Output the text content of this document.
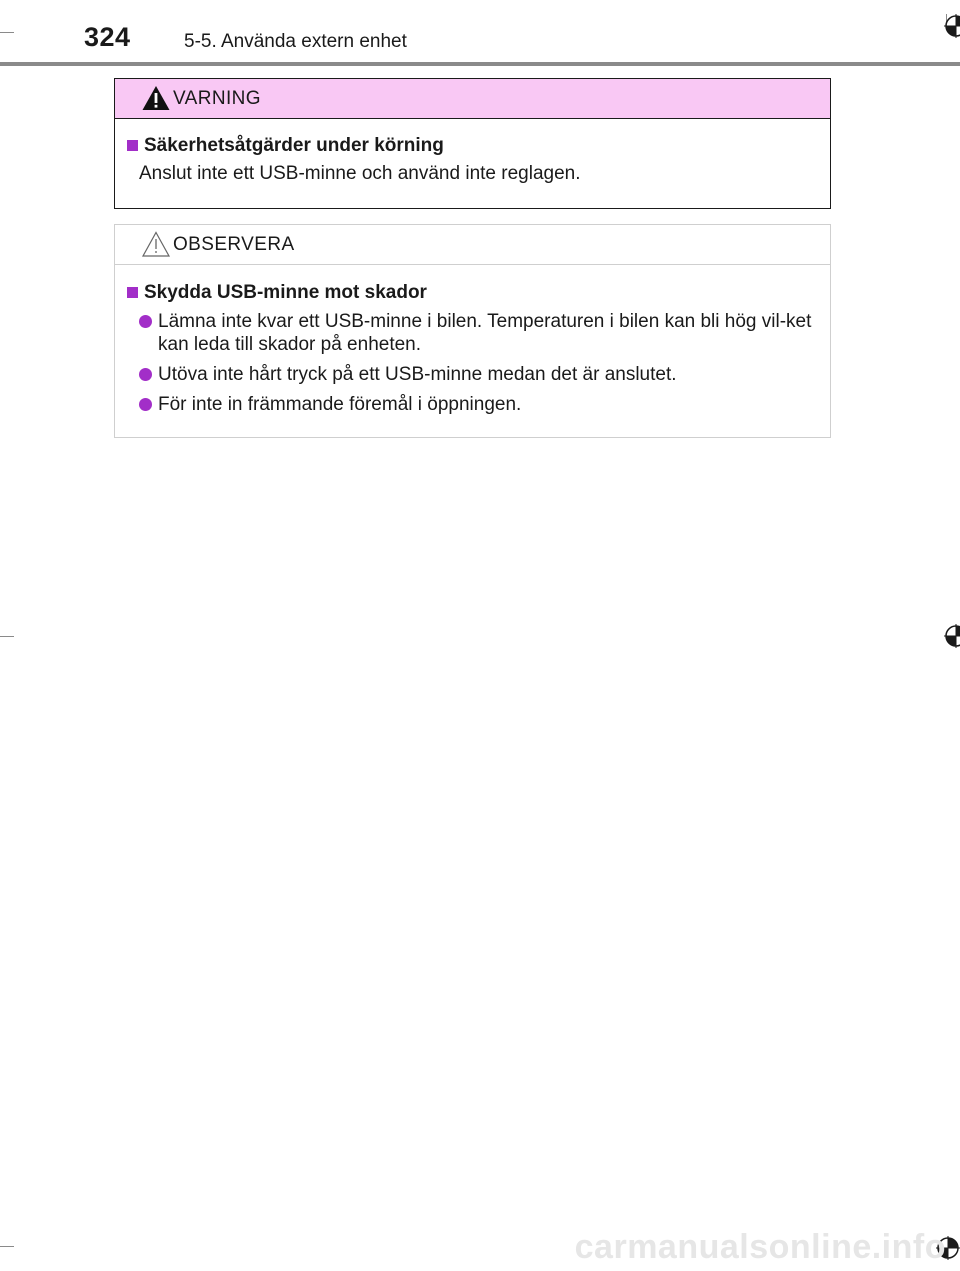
324	5-5. Använda extern enhet
VARNING
Säkerhetsåtgärder under körning
Anslut inte ett USB-minne och använd inte reglagen.
OBSERVERA
Skydda USB-minne mot skador
Lämna inte kvar ett USB-minne i bilen. Temperaturen i bilen kan bli hög vil-ket kan leda till skador på enheten.
Utöva inte hårt tryck på ett USB-minne medan det är anslutet.
För inte in främmande föremål i öppningen.
carmanualsonline.info
